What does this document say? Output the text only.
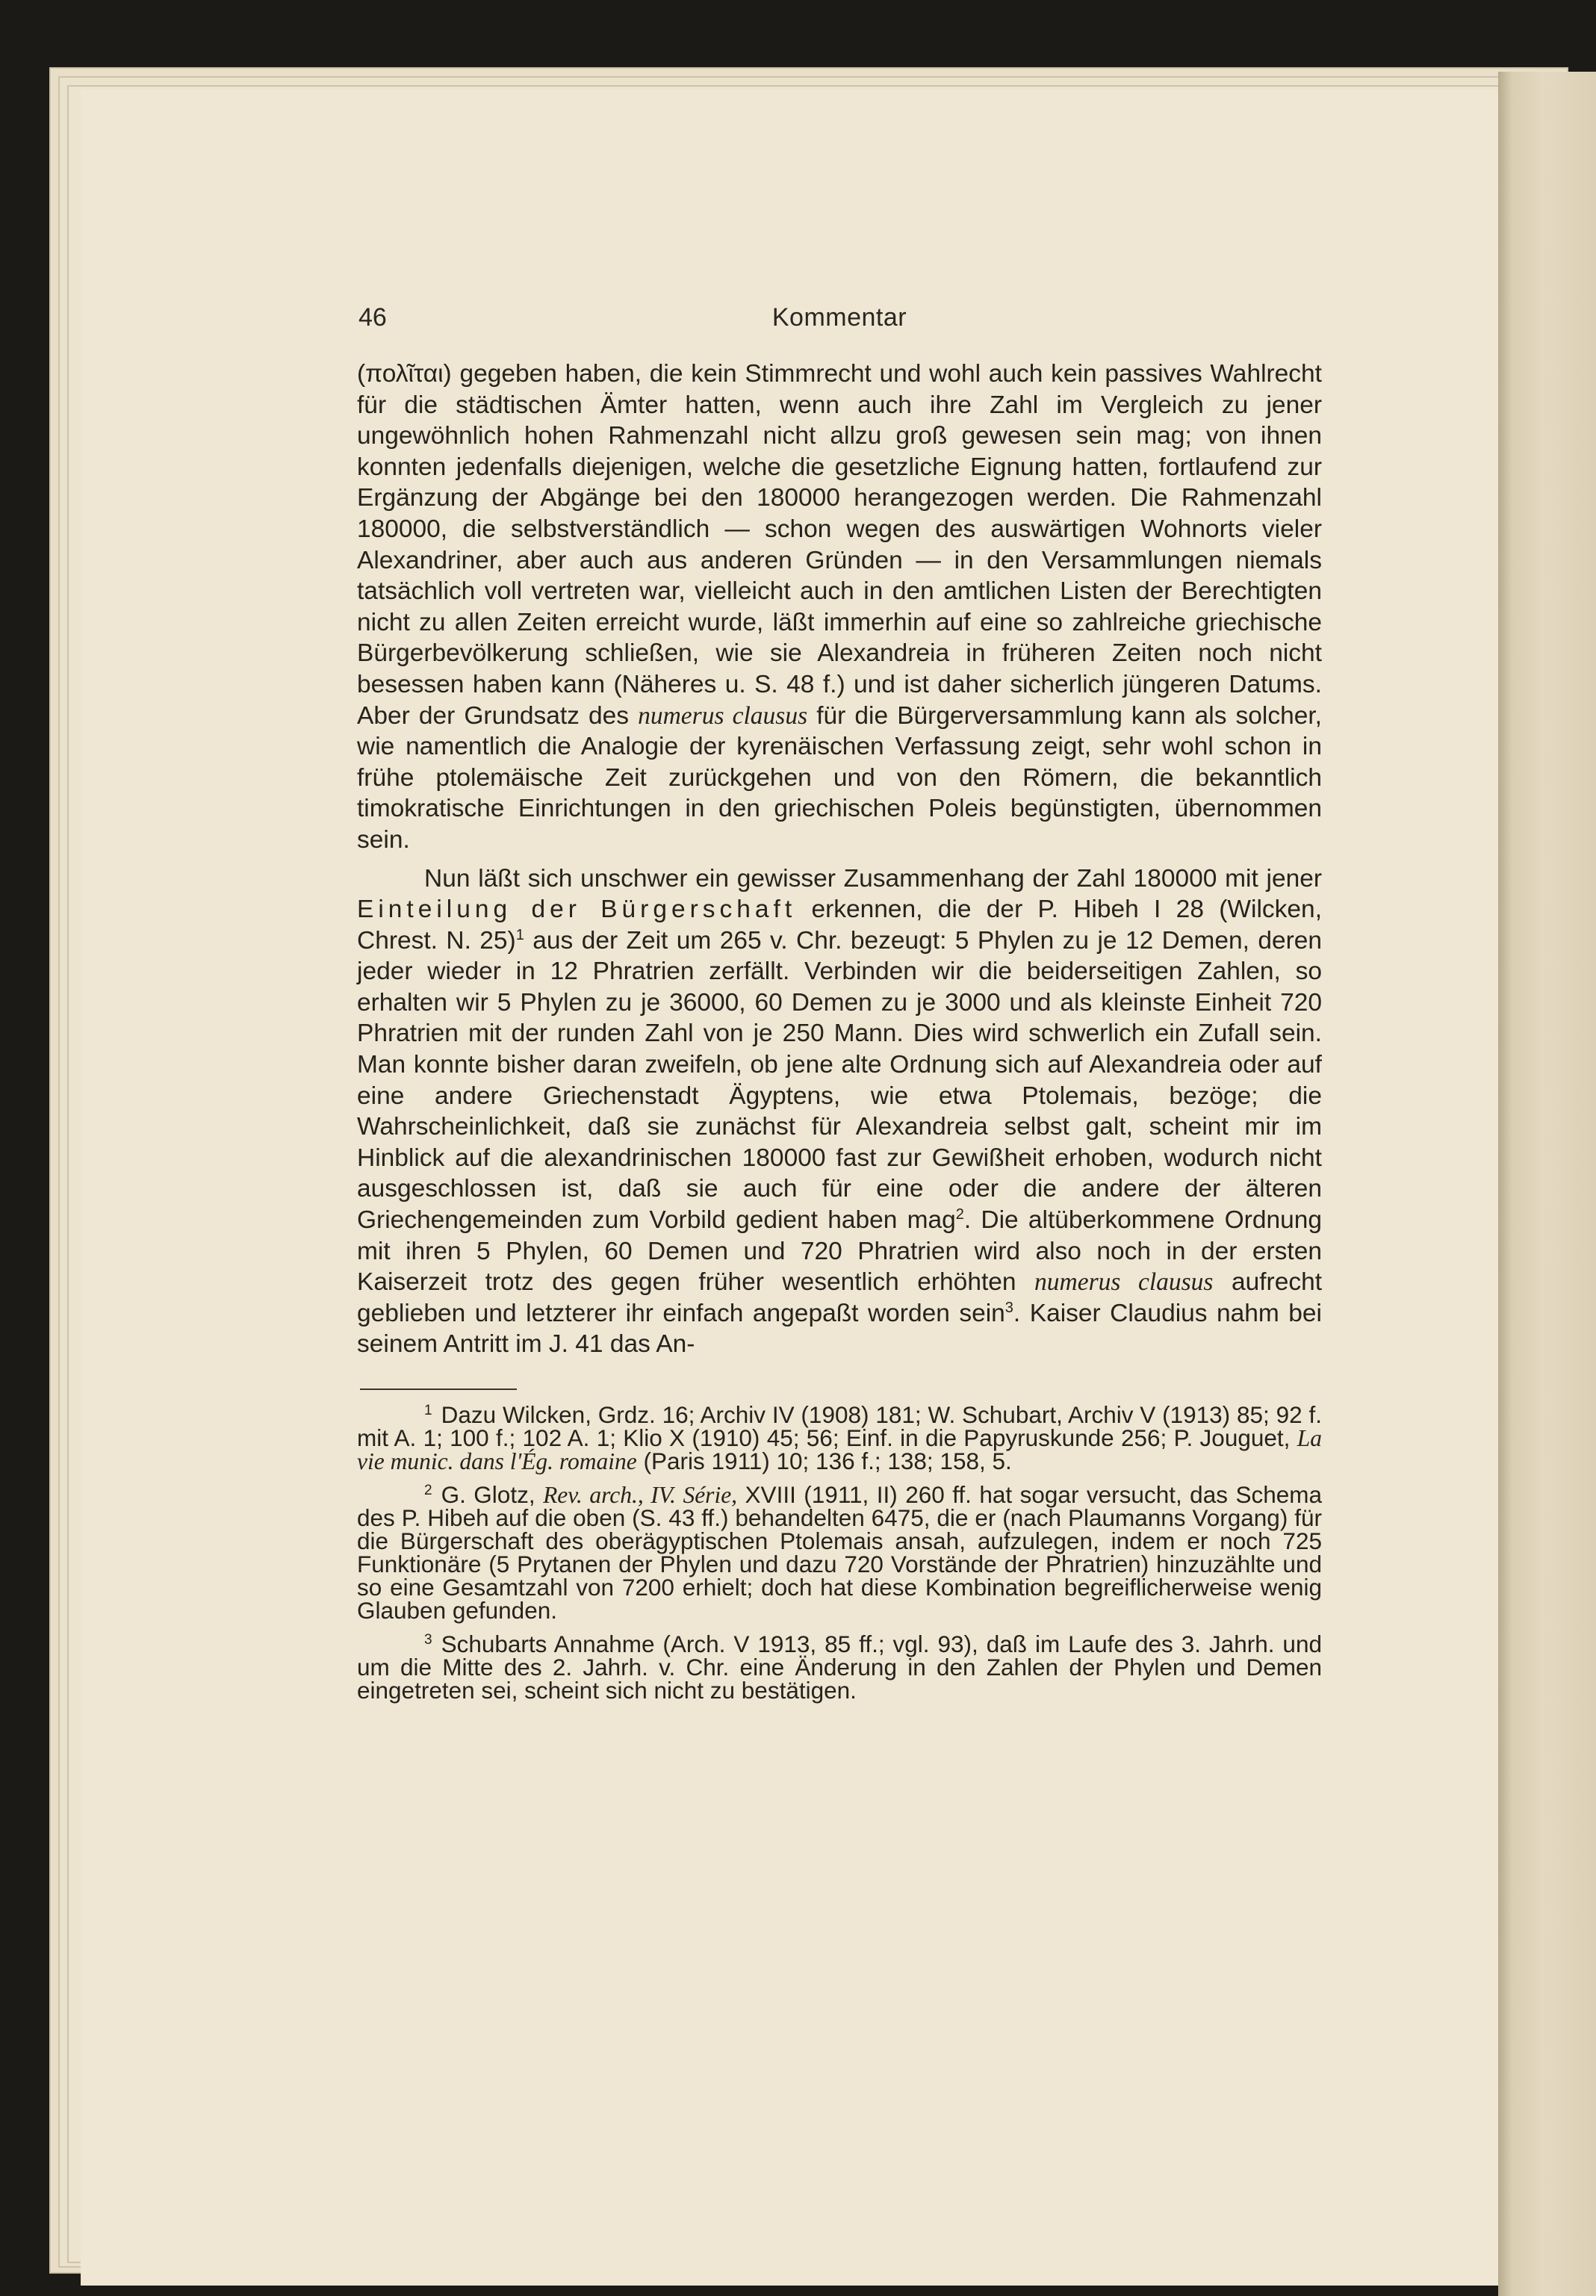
46	Kommentar

(πολῖται) gegeben haben, die kein Stimmrecht und wohl auch kein passives Wahlrecht für die städtischen Ämter hatten, wenn auch ihre Zahl im Vergleich zu jener ungewöhnlich hohen Rahmenzahl nicht allzu groß gewesen sein mag; von ihnen konnten jedenfalls diejenigen, welche die gesetzliche Eignung hatten, fortlaufend zur Ergänzung der Abgänge bei den 180000 herangezogen werden. Die Rahmenzahl 180000, die selbstverständlich — schon wegen des auswärtigen Wohnorts vieler Alexandriner, aber auch aus anderen Gründen — in den Versammlungen niemals tatsächlich voll vertreten war, vielleicht auch in den amtlichen Listen der Berechtigten nicht zu allen Zeiten erreicht wurde, läßt immerhin auf eine so zahlreiche griechische Bürgerbevölkerung schließen, wie sie Alexandreia in früheren Zeiten noch nicht besessen haben kann (Näheres u. S. 48 f.) und ist daher sicherlich jüngeren Datums. Aber der Grundsatz des numerus clausus für die Bürgerversammlung kann als solcher, wie namentlich die Analogie der kyrenäischen Verfassung zeigt, sehr wohl schon in frühe ptolemäische Zeit zurückgehen und von den Römern, die bekanntlich timokratische Einrichtungen in den griechischen Poleis begünstigten, übernommen sein.

Nun läßt sich unschwer ein gewisser Zusammenhang der Zahl 180000 mit jener Einteilung der Bürgerschaft erkennen, die der P. Hibeh I 28 (Wilcken, Chrest. N. 25)$^1$ aus der Zeit um 265 v. Chr. bezeugt: 5 Phylen zu je 12 Demen, deren jeder wieder in 12 Phratrien zerfällt. Verbinden wir die beiderseitigen Zahlen, so erhalten wir 5 Phylen zu je 36000, 60 Demen zu je 3000 und als kleinste Einheit 720 Phratrien mit der runden Zahl von je 250 Mann. Dies wird schwerlich ein Zufall sein. Man konnte bisher daran zweifeln, ob jene alte Ordnung sich auf Alexandreia oder auf eine andere Griechenstadt Ägyptens, wie etwa Ptolemais, bezöge; die Wahrscheinlichkeit, daß sie zunächst für Alexandreia selbst galt, scheint mir im Hinblick auf die alexandrinischen 180000 fast zur Gewißheit erhoben, wodurch nicht ausgeschlossen ist, daß sie auch für eine oder die andere der älteren Griechengemeinden zum Vorbild gedient haben mag$^2$. Die altüberkommene Ordnung mit ihren 5 Phylen, 60 Demen und 720 Phratrien wird also noch in der ersten Kaiserzeit trotz des gegen früher wesentlich erhöhten numerus clausus aufrecht geblieben und letzterer ihr einfach angepaßt worden sein$^3$. Kaiser Claudius nahm bei seinem Antritt im J. 41 das An-

$^1$ Dazu Wilcken, Grdz. 16; Archiv IV (1908) 181; W. Schubart, Archiv V (1913) 85; 92 f. mit A. 1; 100 f.; 102 A. 1; Klio X (1910) 45; 56; Einf. in die Papyruskunde 256; P. Jouguet, La vie munic. dans l'Ég. romaine (Paris 1911) 10; 136 f.; 138; 158, 5.

$^2$ G. Glotz, Rev. arch., IV. Série, XVIII (1911, II) 260 ff. hat sogar versucht, das Schema des P. Hibeh auf die oben (S. 43 ff.) behandelten 6475, die er (nach Plaumanns Vorgang) für die Bürgerschaft des oberägyptischen Ptolemais ansah, aufzulegen, indem er noch 725 Funktionäre (5 Prytanen der Phylen und dazu 720 Vorstände der Phratrien) hinzuzählte und so eine Gesamtzahl von 7200 erhielt; doch hat diese Kombination begreiflicherweise wenig Glauben gefunden.

$^3$ Schubarts Annahme (Arch. V 1913, 85 ff.; vgl. 93), daß im Laufe des 3. Jahrh. und um die Mitte des 2. Jahrh. v. Chr. eine Änderung in den Zahlen der Phylen und Demen eingetreten sei, scheint sich nicht zu bestätigen.
